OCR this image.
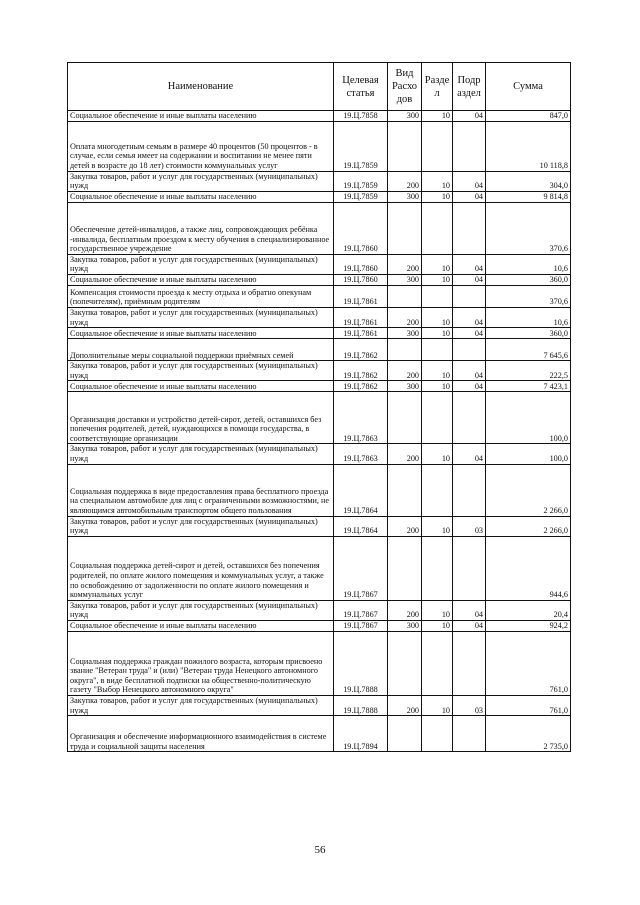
Наименование	Целевая статья	Вид Расхо дов	Разде л	Подр аздел	Сумма
Социальное обеспечение и иные выплаты населению	19.Ц.7858	300	10	04	847,0
Оплата многодетным семьям в размере 40 процентов (50 процентов - в случае, если семья имеет на содержании и воспитании не менее пяти детей в возрасте до 18 лет) стоимости коммунальных услуг	19.Ц.7859				10 118,8
Закупка товаров, работ и услуг для государственных (муниципальных) нужд	19.Ц.7859	200	10	04	304,0
Социальное обеспечение и иные выплаты населению	19.Ц.7859	300	10	04	9 814,8
Обеспечение детей-инвалидов, а также лиц, сопровождающих ребёнка -инвалида, бесплатным проездом к месту обучения в специализированное государственное учреждение	19.Ц.7860				370,6
Закупка товаров, работ и услуг для государственных (муниципальных) нужд	19.Ц.7860	200	10	04	10,6
Социальное обеспечение и иные выплаты населению	19.Ц.7860	300	10	04	360,0
Компенсация стоимости проезда к месту отдыха и обратно опекунам (попечителям), приёмным родителям	19.Ц.7861				370,6
Закупка товаров, работ и услуг для государственных (муниципальных) нужд	19.Ц.7861	200	10	04	10,6
Социальное обеспечение и иные выплаты населению	19.Ц.7861	300	10	04	360,0
Дополнительные меры социальной поддержки приёмных семей	19.Ц.7862				7 645,6
Закупка товаров, работ и услуг для государственных (муниципальных) нужд	19.Ц.7862	200	10	04	222,5
Социальное обеспечение и иные выплаты населению	19.Ц.7862	300	10	04	7 423,1
Организация доставки и устройство детей-сирот, детей, оставшихся без попечения родителей, детей, нуждающихся в помощи государства, в соответствующие организации	19.Ц.7863				100,0
Закупка товаров, работ и услуг для государственных (муниципальных) нужд	19.Ц.7863	200	10	04	100,0
Социальная поддержка в виде предоставления права бесплатного проезда на специальном автомобиле для лиц с ограниченными возможностями, не являющимся автомобильным транспортом общего пользования	19.Ц.7864				2 266,0
Закупка товаров, работ и услуг для государственных (муниципальных) нужд	19.Ц.7864	200	10	03	2 266,0
Социальная поддержка детей-сирот и детей, оставшихся без попечения родителей, по оплате жилого помещения и коммунальных услуг, а также по освобождению от задолженности по оплате жилого помещения и коммунальных услуг	19.Ц.7867				944,6
Закупка товаров, работ и услуг для государственных (муниципальных) нужд	19.Ц.7867	200	10	04	20,4
Социальное обеспечение и иные выплаты населению	19.Ц.7867	300	10	04	924,2
Социальная поддержка граждан пожилого возраста, которым присвоено звание "Ветеран труда" и (или) "Ветеран труда Ненецкого автономного округа", в виде бесплатной подписки на общественно-политическую газету "Выбор Ненецкого автономного округа"	19.Ц.7888				761,0
Закупка товаров, работ и услуг для государственных (муниципальных) нужд	19.Ц.7888	200	10	03	761,0
Организация и обеспечение информационного взаимодействия в системе труда и социальной защиты населения	19.Ц.7894				2 735,0
56
